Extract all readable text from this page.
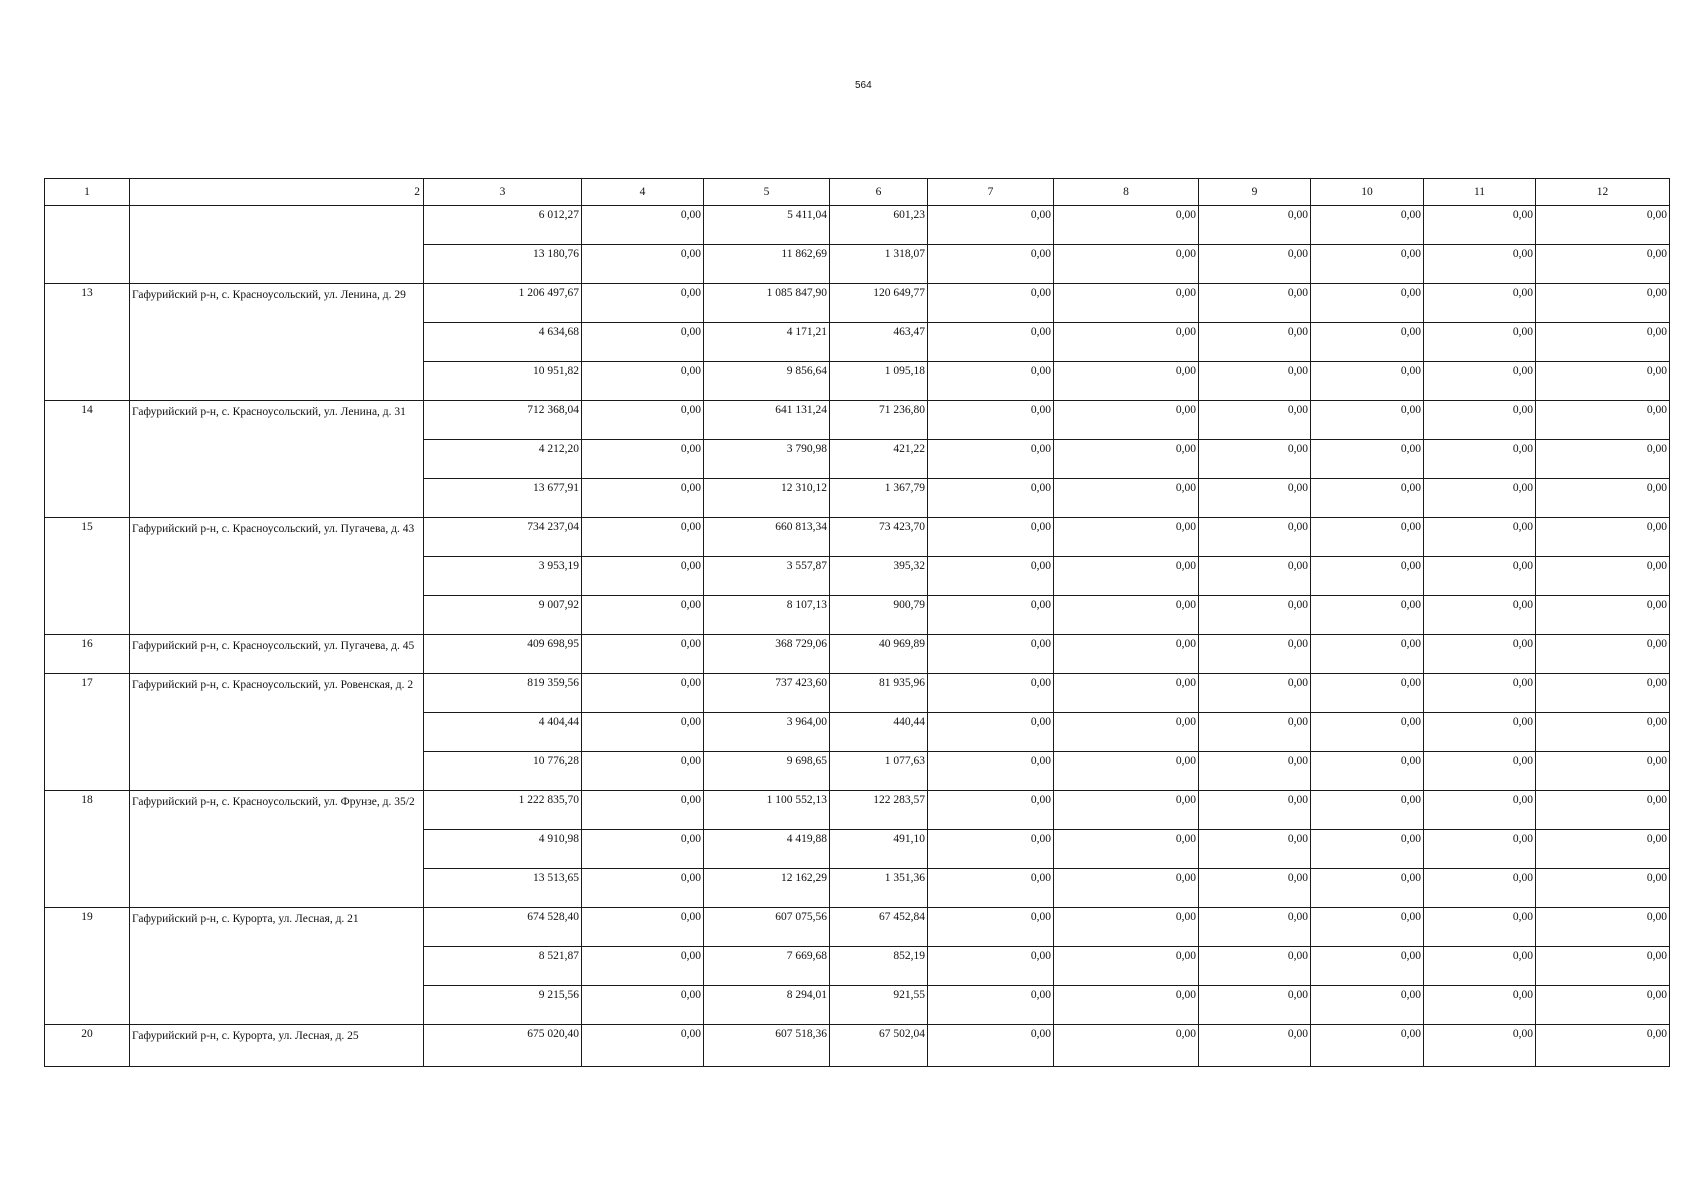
564
1	2	3	4	5	6	7	8	9	10	11	12
		6 012,27	0,00	5 411,04	601,23	0,00	0,00	0,00	0,00	0,00	0,00
		13 180,76	0,00	11 862,69	1 318,07	0,00	0,00	0,00	0,00	0,00	0,00
13	Гафурийский р-н, с. Красноусольский, ул. Ленина, д. 29	1 206 497,67	0,00	1 085 847,90	120 649,77	0,00	0,00	0,00	0,00	0,00	0,00
		4 634,68	0,00	4 171,21	463,47	0,00	0,00	0,00	0,00	0,00	0,00
		10 951,82	0,00	9 856,64	1 095,18	0,00	0,00	0,00	0,00	0,00	0,00
14	Гафурийский р-н, с. Красноусольский, ул. Ленина, д. 31	712 368,04	0,00	641 131,24	71 236,80	0,00	0,00	0,00	0,00	0,00	0,00
		4 212,20	0,00	3 790,98	421,22	0,00	0,00	0,00	0,00	0,00	0,00
		13 677,91	0,00	12 310,12	1 367,79	0,00	0,00	0,00	0,00	0,00	0,00
15	Гафурийский р-н, с. Красноусольский, ул. Пугачева, д. 43	734 237,04	0,00	660 813,34	73 423,70	0,00	0,00	0,00	0,00	0,00	0,00
		3 953,19	0,00	3 557,87	395,32	0,00	0,00	0,00	0,00	0,00	0,00
		9 007,92	0,00	8 107,13	900,79	0,00	0,00	0,00	0,00	0,00	0,00
16	Гафурийский р-н, с. Красноусольский, ул. Пугачева, д. 45	409 698,95	0,00	368 729,06	40 969,89	0,00	0,00	0,00	0,00	0,00	0,00
17	Гафурийский р-н, с. Красноусольский, ул. Ровенская, д. 2	819 359,56	0,00	737 423,60	81 935,96	0,00	0,00	0,00	0,00	0,00	0,00
		4 404,44	0,00	3 964,00	440,44	0,00	0,00	0,00	0,00	0,00	0,00
		10 776,28	0,00	9 698,65	1 077,63	0,00	0,00	0,00	0,00	0,00	0,00
18	Гафурийский р-н, с. Красноусольский, ул. Фрунзе, д. 35/2	1 222 835,70	0,00	1 100 552,13	122 283,57	0,00	0,00	0,00	0,00	0,00	0,00
		4 910,98	0,00	4 419,88	491,10	0,00	0,00	0,00	0,00	0,00	0,00
		13 513,65	0,00	12 162,29	1 351,36	0,00	0,00	0,00	0,00	0,00	0,00
19	Гафурийский р-н, с. Курорта, ул. Лесная, д. 21	674 528,40	0,00	607 075,56	67 452,84	0,00	0,00	0,00	0,00	0,00	0,00
		8 521,87	0,00	7 669,68	852,19	0,00	0,00	0,00	0,00	0,00	0,00
		9 215,56	0,00	8 294,01	921,55	0,00	0,00	0,00	0,00	0,00	0,00
20	Гафурийский р-н, с. Курорта, ул. Лесная, д. 25	675 020,40	0,00	607 518,36	67 502,04	0,00	0,00	0,00	0,00	0,00	0,00
